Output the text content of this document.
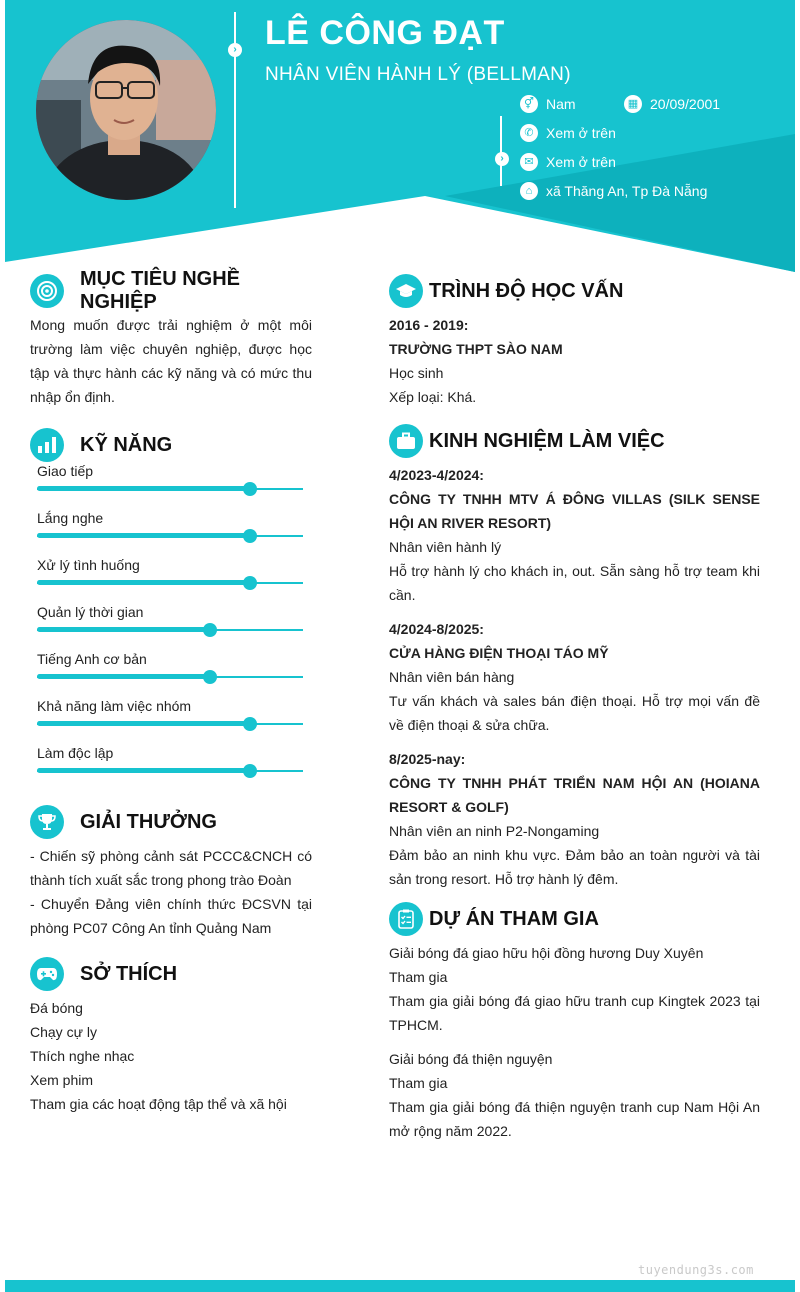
› LÊ CÔNG ĐẠT
NHÂN VIÊN HÀNH LÝ (BELLMAN)
›
⚥ Nam	▦ 20/09/2001
✆ Xem ở trên
✉ Xem ở trên
⌂ xã Thăng An, Tp Đà Nẵng
MỤC TIÊU NGHỀ NGHIỆP
Mong muốn được trải nghiệm ở một môi trường làm việc chuyên nghiệp, được học tập và thực hành các kỹ năng và có mức thu nhập ổn định.
KỸ NĂNG
Giao tiếp
Lắng nghe
Xử lý tình huống
Quản lý thời gian
Tiếng Anh cơ bản
Khả năng làm việc nhóm
Làm độc lập
GIẢI THƯỞNG
- Chiến sỹ phòng cảnh sát PCCC&CNCH có thành tích xuất sắc trong phong trào Đoàn
- Chuyển Đảng viên chính thức ĐCSVN tại phòng PC07 Công An tỉnh Quảng Nam
SỞ THÍCH
Đá bóng
Chạy cự ly
Thích nghe nhạc
Xem phim
Tham gia các hoạt động tập thể và xã hội
TRÌNH ĐỘ HỌC VẤN
2016 - 2019:
TRƯỜNG THPT SÀO NAM
Học sinh
Xếp loại: Khá.
KINH NGHIỆM LÀM VIỆC
4/2023-4/2024:
CÔNG TY TNHH MTV Á ĐÔNG VILLAS (SILK SENSE HỘI AN RIVER RESORT)
Nhân viên hành lý
Hỗ trợ hành lý cho khách in, out. Sẵn sàng hỗ trợ team khi cần.
4/2024-8/2025:
CỬA HÀNG ĐIỆN THOẠI TÁO MỸ
Nhân viên bán hàng
Tư vấn khách và sales bán điện thoại. Hỗ trợ mọi vấn đề về điện thoại & sửa chữa.
8/2025-nay:
CÔNG TY TNHH PHÁT TRIỂN NAM HỘI AN (HOIANA RESORT & GOLF)
Nhân viên an ninh P2-Nongaming
Đảm bảo an ninh khu vực. Đảm bảo an toàn người và tài sản trong resort. Hỗ trợ hành lý đêm.
DỰ ÁN THAM GIA
Giải bóng đá giao hữu hội đồng hương Duy Xuyên
Tham gia
Tham gia giải bóng đá giao hữu tranh cup Kingtek 2023 tại TPHCM.
Giải bóng đá thiện nguyện
Tham gia
Tham gia giải bóng đá thiện nguyện tranh cup Nam Hội An mở rộng năm 2022.
tuyendung3s.com
